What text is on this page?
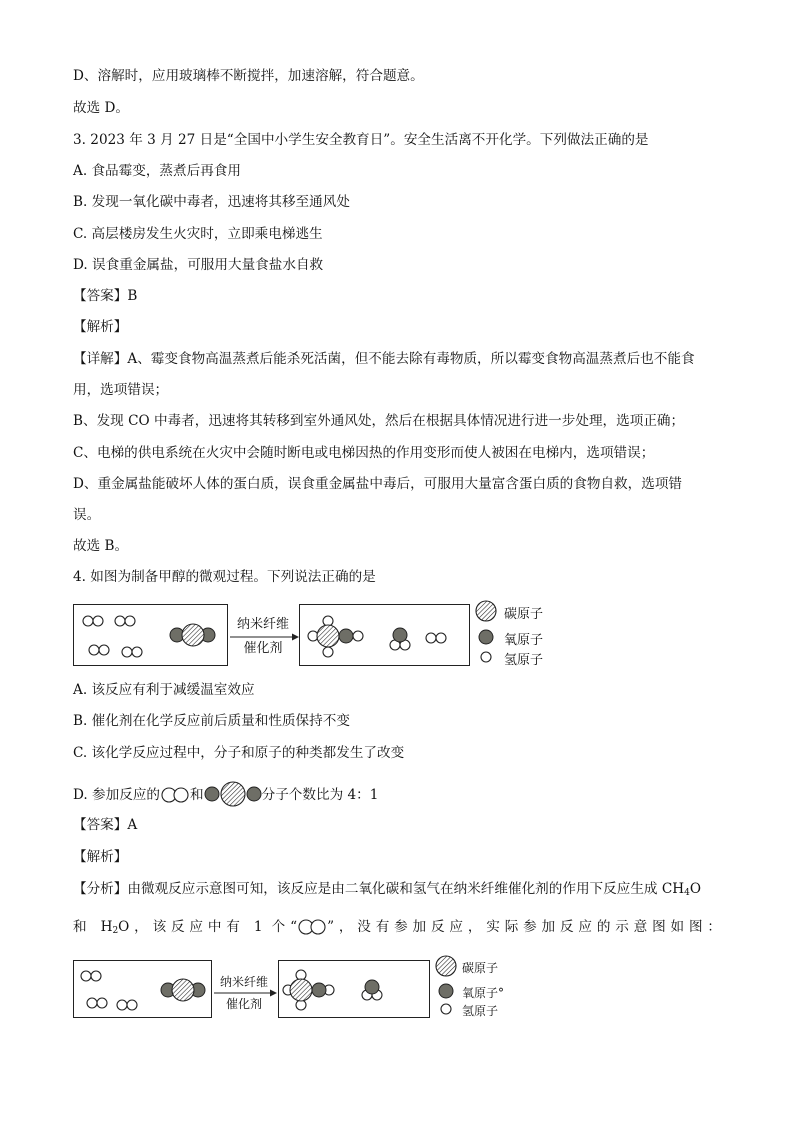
D、溶解时，应用玻璃棒不断搅拌，加速溶解，符合题意。
故选 D。
3. 2023 年 3 月 27 日是“全国中小学生安全教育日”。安全生活离不开化学。下列做法正确的是
A. 食品霉变，蒸煮后再食用
B. 发现一氧化碳中毒者，迅速将其移至通风处
C. 高层楼房发生火灾时，立即乘电梯逃生
D. 误食重金属盐，可服用大量食盐水自救
【答案】B
【解析】
【详解】A、霉变食物高温蒸煮后能杀死活菌，但不能去除有毒物质，所以霉变食物高温蒸煮后也不能食
用，选项错误；
B、发现 CO 中毒者，迅速将其转移到室外通风处，然后在根据具体情况进行进一步处理，选项正确；
C、电梯的供电系统在火灾中会随时断电或电梯因热的作用变形而使人被困在电梯内，选项错误；
D、重金属盐能破坏人体的蛋白质，误食重金属盐中毒后，可服用大量富含蛋白质的食物自救，选项错
误。
故选 B。
4. 如图为制备甲醇的微观过程。下列说法正确的是
纳米纤维
催化剂
碳原子
氧原子
氢原子
A. 该反应有利于减缓温室效应
B. 催化剂在化学反应前后质量和性质保持不变
C. 该化学反应过程中，分子和原子的种类都发生了改变
D. 参加反应的 和	分子个数比为 4：1
【答案】A
【解析】
【分析】由微观反应示意图可知，该反应是由二氧化碳和氢气在纳米纤维催化剂的作用下反应生成 $CH_4O$
和 $H_2O$，该反应中有 1 个“ ”，没有参加反应，实际参加反应的示意图如图：
纳米纤维
催化剂
碳原子
氧原子°
氢原子
